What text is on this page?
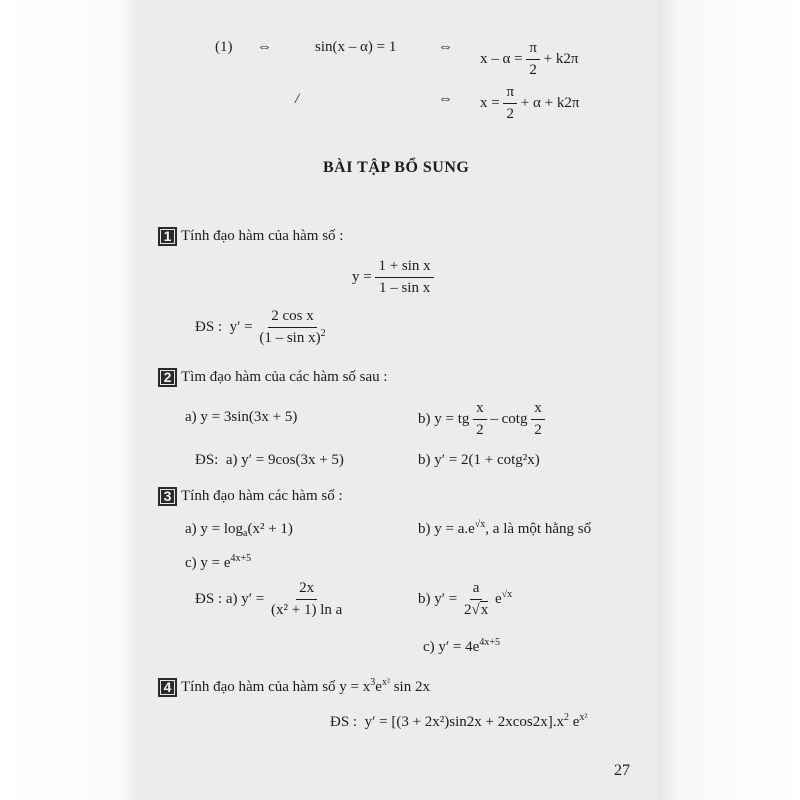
(1) ⇔	sin(x – α) = 1	⇔
$x - \alpha = \frac{\pi}{2} + k2\pi$
/	⇔ $x = \frac{\pi}{2} + \alpha + k2\pi$
BÀI TẬP BỔ SUNG
1 Tính đạo hàm của hàm số :
$y = \frac{\text{1 + sin x}}{\text{1 – sin x}}$
ĐS : $y' = \frac{\text{2 cos x}}{(1 - \sin x)^2}$
2 Tìm đạo hàm của các hàm số sau :
a) y = 3sin(3x + 5)	b) y = tg $\frac{x}{2}$ – cotg $\frac{x}{2}$
ĐS: a) y′ = 9cos(3x + 5)	b) y′ = 2(1 + cotg²x)
3 Tính đạo hàm các hàm số :
a) $y = \log_a(x^2 + 1)$	b) $y = a.e^{√x}$, a là một hằng số
c) $y = e^{4x+5}$
ĐS : a) $y' = \frac{2x}{\text{(x² + 1) ln a}}$	b) $y' = \frac{a}{2√x} e^{√x}$
c) $y' = 4e^{4x+5}$
4 Tính đạo hàm của hàm số $y = x^3e^{x^2}$ sin 2x
ĐS : $y' = [(3 + 2x^2)\sin 2x + 2xcos2x].x^2$ $e^{x^2}$
27
